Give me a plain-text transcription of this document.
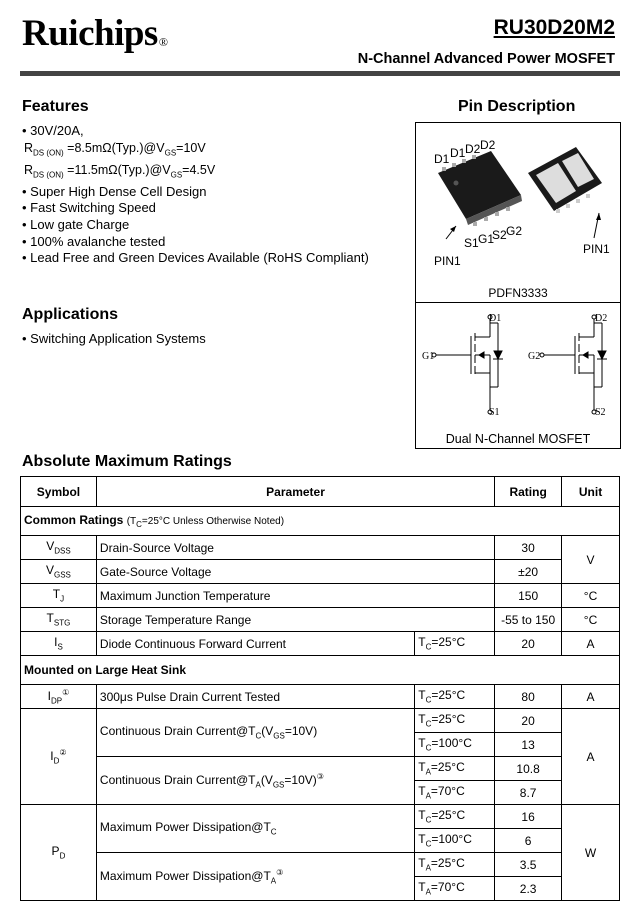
Ruichips®
RU30D20M2
N-Channel Advanced Power MOSFET
Features
• 30V/20A,
$R_{DS (ON)}$ $=8.5m\Omega(Typ.)@V_{GS}=10V$
$R_{DS (ON)}$ $=11.5m\Omega(Typ.)@V_{GS}=4.5V$
• Super High Dense Cell Design
• Fast Switching Speed
• Low gate Charge
• 100% avalanche tested
• Lead Free and Green Devices Available (RoHS Compliant)
Applications
• Switching Application Systems
Pin Description
D1 D1 D2 D2
S1 G1
S2 G2
PIN1
PIN1
G1
D1
S1
G2
D2
S2
PDFN3333
Dual N-Channel MOSFET
Absolute Maximum Ratings
Symbol	Parameter		Rating	Unit
Common Ratings ($T_C=25^\circ C$ Unless Otherwise Noted)				
$V_{DSS}$	Drain-Source Voltage		30	V
$V_{GSS}$	Gate-Source Voltage		±20	
$T_J$	Maximum Junction Temperature		150	°C
$T_{STG}$	Storage Temperature Range		-55 to 150	°C
$I_S$	Diode Continuous Forward Current	$T_C=25^\circ C$	20	A
Mounted on Large Heat Sink				
$I_{DP}^①$	300μs Pulse Drain Current Tested	$T_C=25^\circ C$	80	A
$I_D^②$	Continuous Drain $Current@T_C(V_{GS}=10V)$	$T_C=25^\circ C$	20	A
		$T_C=100^\circ C$	13	
	Continuous Drain $Current@T_A(V_{GS}=10V)^③$	$T_A=25^\circ C$	10.8	
		$T_A=70^\circ C$	8.7	
$P_D$	Maximum Power $Dissipation@T_C$	$T_C=25^\circ C$	16	W
		$T_C=100^\circ C$	6	
	Maximum Power $Dissipation@T_A^③$	$T_A=25^\circ C$	3.5	
		$T_A=70^\circ C$	2.3	
